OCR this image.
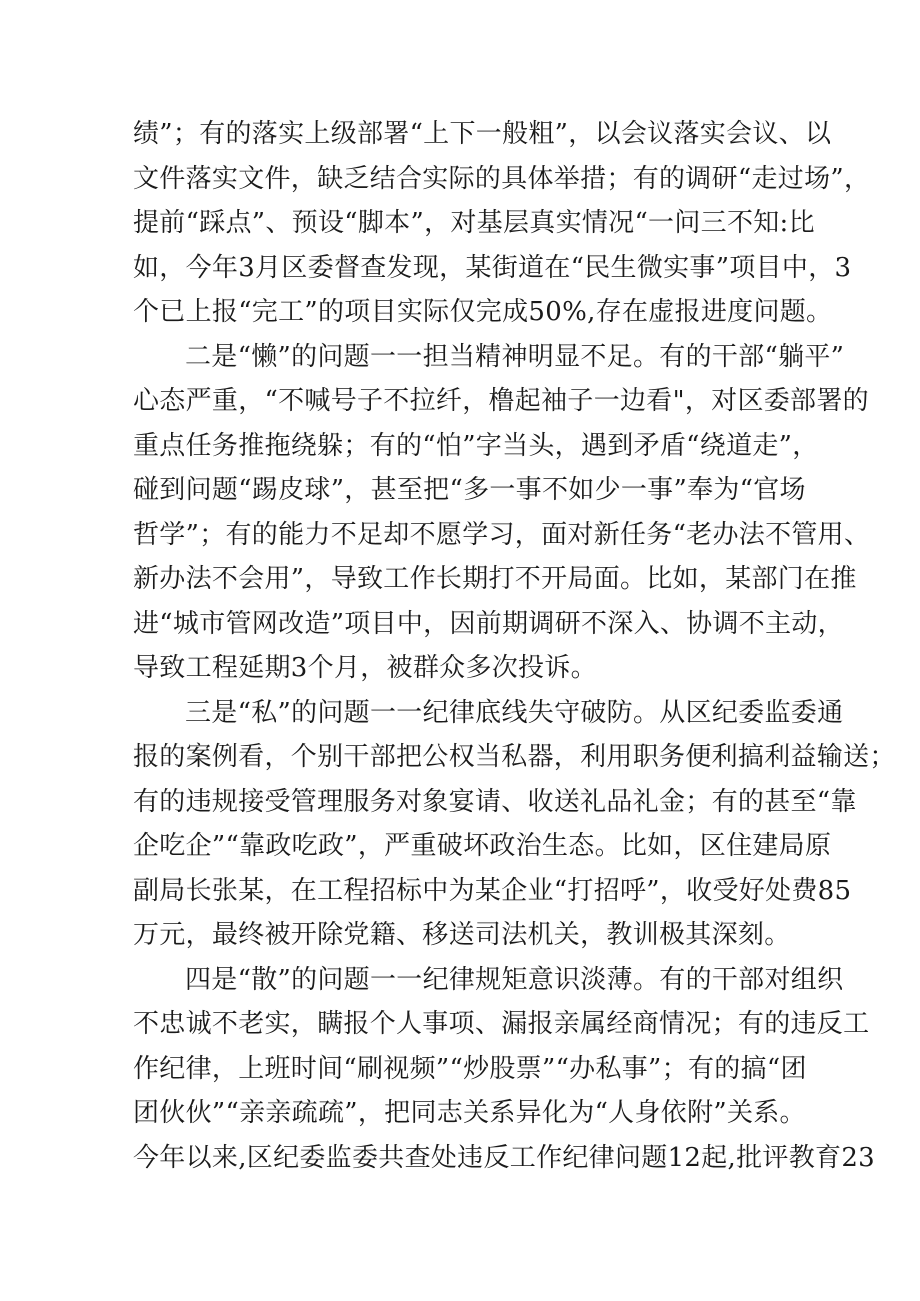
绩”；有的落实上级部署“上下一般粗”，以会议落实会议、以
文件落实文件，缺乏结合实际的具体举措；有的调研“走过场”，
提前“踩点”、预设“脚本”，对基层真实情况“一问三不知:比
如，今年3月区委督查发现，某街道在“民生微实事”项目中，3
个已上报“完工”的项目实际仅完成50%,存在虚报进度问题。
二是“懒”的问题一一担当精神明显不足。有的干部“躺平”
心态严重，“不喊号子不拉纤，橹起袖子一边看"，对区委部署的
重点任务推拖绕躲；有的“怕”字当头，遇到矛盾“绕道走”，
碰到问题“踢皮球”，甚至把“多一事不如少一事”奉为“官场
哲学”；有的能力不足却不愿学习，面对新任务“老办法不管用、
新办法不会用”，导致工作长期打不开局面。比如，某部门在推
进“城市管网改造”项目中，因前期调研不深入、协调不主动，
导致工程延期3个月，被群众多次投诉。
三是“私”的问题一一纪律底线失守破防。从区纪委监委通
报的案例看，个别干部把公权当私器，利用职务便利搞利益输送；
有的违规接受管理服务对象宴请、收送礼品礼金；有的甚至“靠
企吃企”“靠政吃政”，严重破坏政治生态。比如，区住建局原
副局长张某，在工程招标中为某企业“打招呼”，收受好处费85
万元，最终被开除党籍、移送司法机关，教训极其深刻。
四是“散”的问题一一纪律规矩意识淡薄。有的干部对组织
不忠诚不老实，瞒报个人事项、漏报亲属经商情况；有的违反工
作纪律，上班时间“刷视频”“炒股票”“办私事”；有的搞“团
团伙伙”“亲亲疏疏”，把同志关系异化为“人身依附”关系。
今年以来,区纪委监委共查处违反工作纪律问题12起,批评教育23
